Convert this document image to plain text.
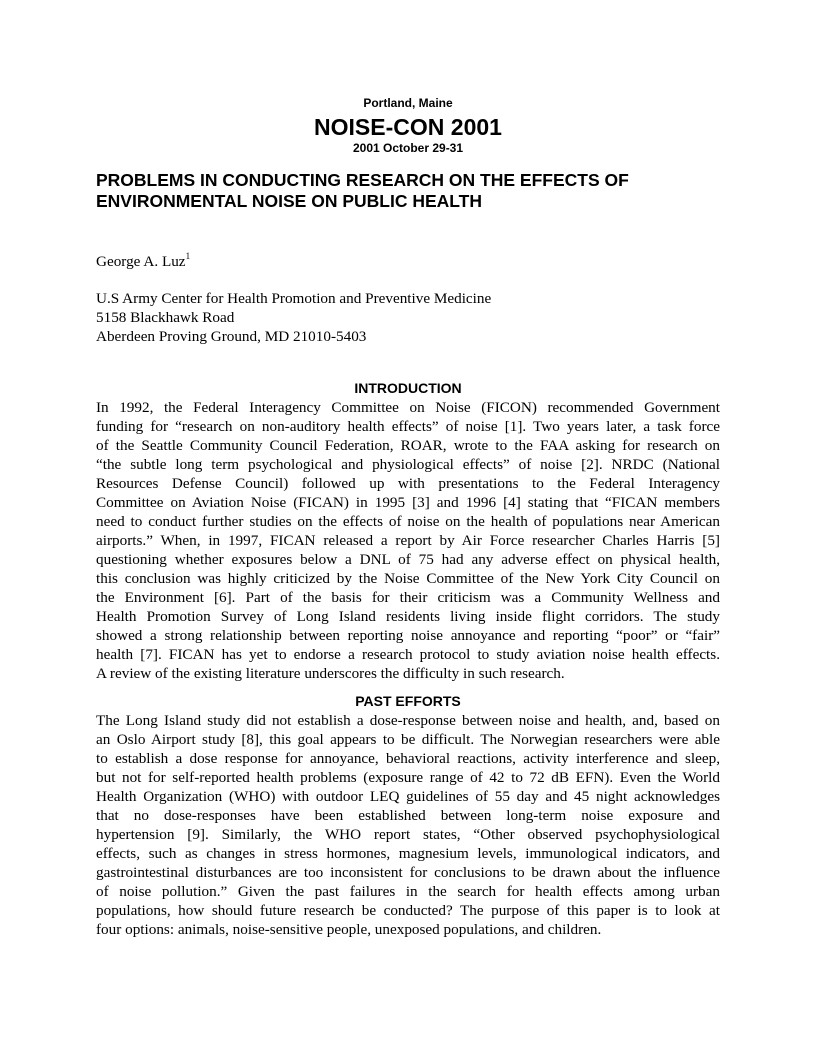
Portland, Maine
NOISE-CON 2001
2001 October 29-31
PROBLEMS IN CONDUCTING RESEARCH ON THE EFFECTS OF
ENVIRONMENTAL NOISE ON PUBLIC HEALTH
George A. Luz$^1$
U.S Army Center for Health Promotion and Preventive Medicine
5158 Blackhawk Road
Aberdeen Proving Ground, MD 21010-5403
INTRODUCTION
In 1992, the Federal Interagency Committee on Noise (FICON) recommended Government
funding for “research on non-auditory health effects” of noise [1]. Two years later, a task force
of the Seattle Community Council Federation, ROAR, wrote to the FAA asking for research on
“the subtle long term psychological and physiological effects” of noise [2]. NRDC (National
Resources Defense Council) followed up with presentations to the Federal Interagency
Committee on Aviation Noise (FICAN) in 1995 [3] and 1996 [4] stating that “FICAN members
need to conduct further studies on the effects of noise on the health of populations near American
airports.” When, in 1997, FICAN released a report by Air Force researcher Charles Harris [5]
questioning whether exposures below a DNL of 75 had any adverse effect on physical health,
this conclusion was highly criticized by the Noise Committee of the New York City Council on
the Environment [6]. Part of the basis for their criticism was a Community Wellness and
Health Promotion Survey of Long Island residents living inside flight corridors. The study
showed a strong relationship between reporting noise annoyance and reporting “poor” or “fair”
health [7]. FICAN has yet to endorse a research protocol to study aviation noise health effects.
A review of the existing literature underscores the difficulty in such research.
PAST EFFORTS
The Long Island study did not establish a dose-response between noise and health, and, based on
an Oslo Airport study [8], this goal appears to be difficult. The Norwegian researchers were able
to establish a dose response for annoyance, behavioral reactions, activity interference and sleep,
but not for self-reported health problems (exposure range of 42 to 72 dB EFN). Even the World
Health Organization (WHO) with outdoor LEQ guidelines of 55 day and 45 night acknowledges
that no dose-responses have been established between long-term noise exposure and
hypertension [9]. Similarly, the WHO report states, “Other observed psychophysiological
effects, such as changes in stress hormones, magnesium levels, immunological indicators, and
gastrointestinal disturbances are too inconsistent for conclusions to be drawn about the influence
of noise pollution.” Given the past failures in the search for health effects among urban
populations, how should future research be conducted? The purpose of this paper is to look at
four options: animals, noise-sensitive people, unexposed populations, and children.
